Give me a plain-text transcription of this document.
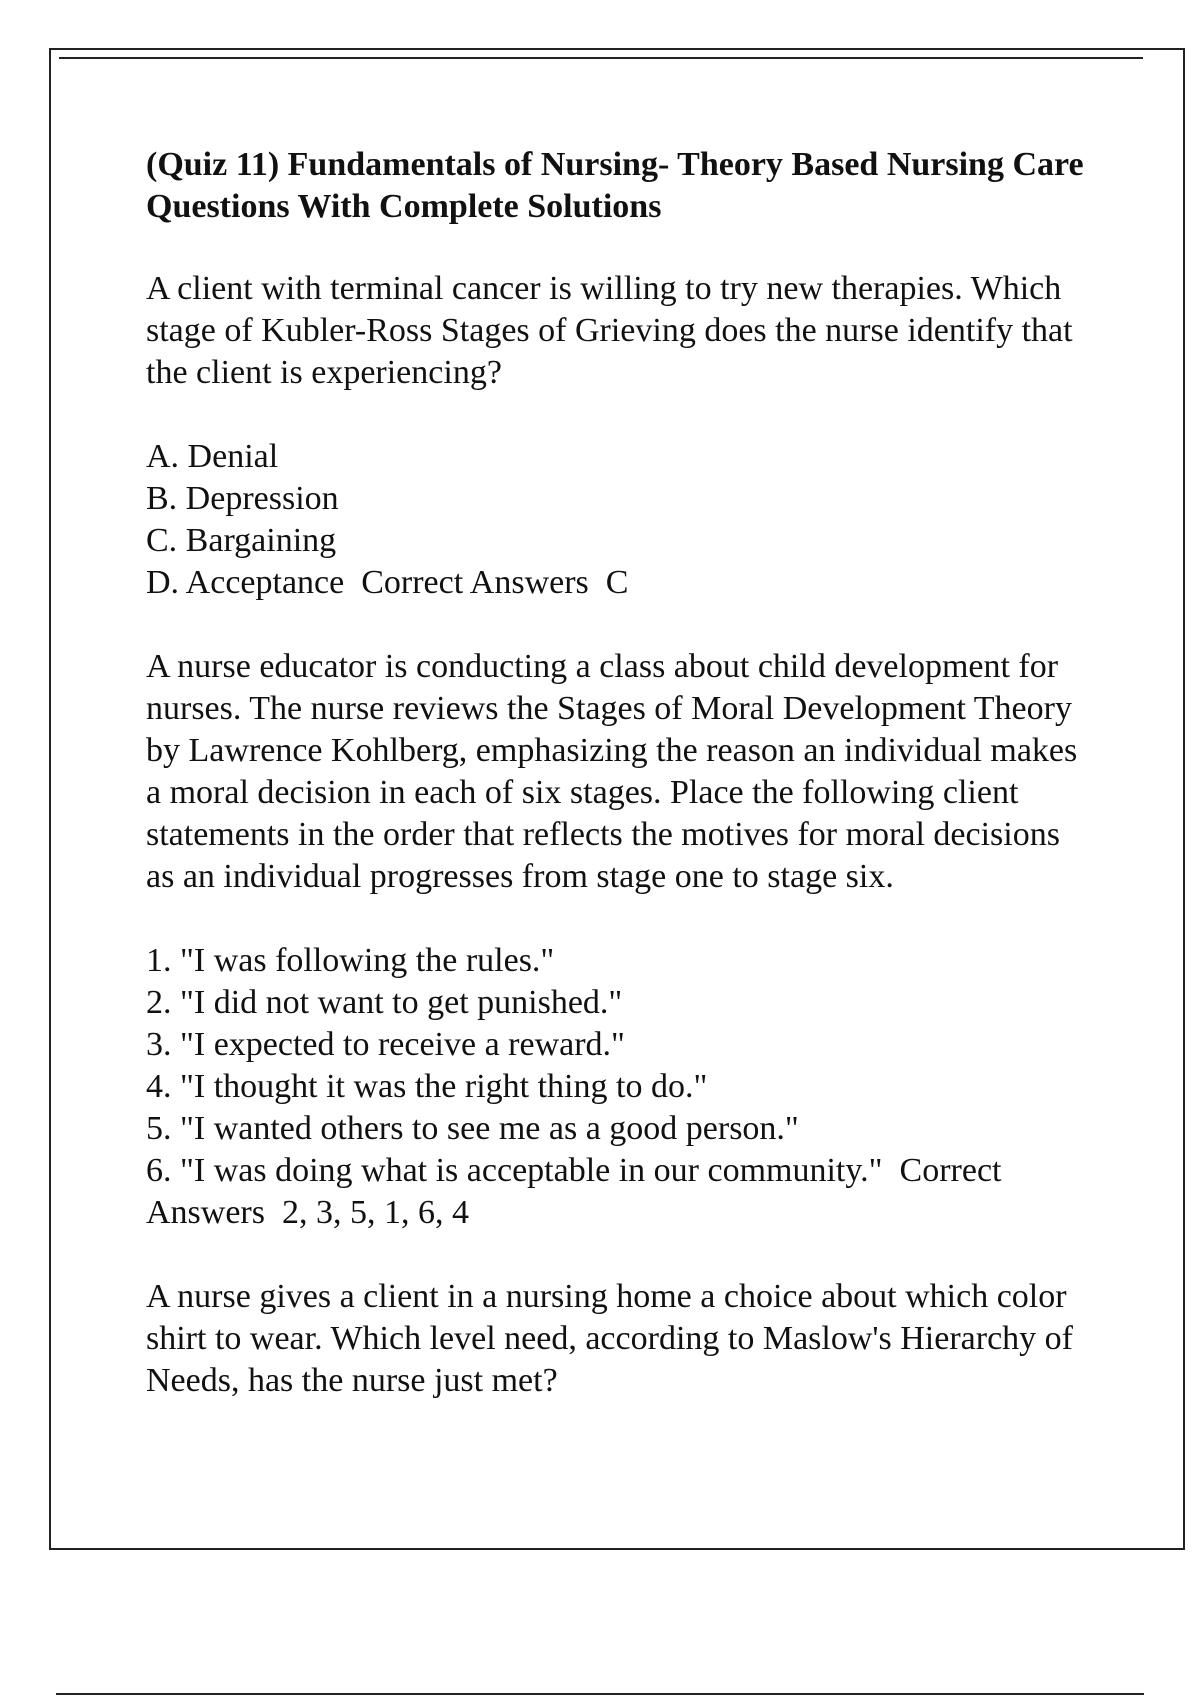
(Quiz 11) Fundamentals of Nursing- Theory Based Nursing Care Questions With Complete Solutions
A client with terminal cancer is willing to try new therapies. Which stage of Kubler-Ross Stages of Grieving does the nurse identify that the client is experiencing?
A. Denial
B. Depression
C. Bargaining
D. Acceptance  Correct Answers  C
A nurse educator is conducting a class about child development for nurses. The nurse reviews the Stages of Moral Development Theory by Lawrence Kohlberg, emphasizing the reason an individual makes a moral decision in each of six stages. Place the following client statements in the order that reflects the motives for moral decisions as an individual progresses from stage one to stage six.
1. "I was following the rules."
2. "I did not want to get punished."
3. "I expected to receive a reward."
4. "I thought it was the right thing to do."
5. "I wanted others to see me as a good person."
6. "I was doing what is acceptable in our community."  Correct Answers  2, 3, 5, 1, 6, 4
A nurse gives a client in a nursing home a choice about which color shirt to wear. Which level need, according to Maslow's Hierarchy of Needs, has the nurse just met?
